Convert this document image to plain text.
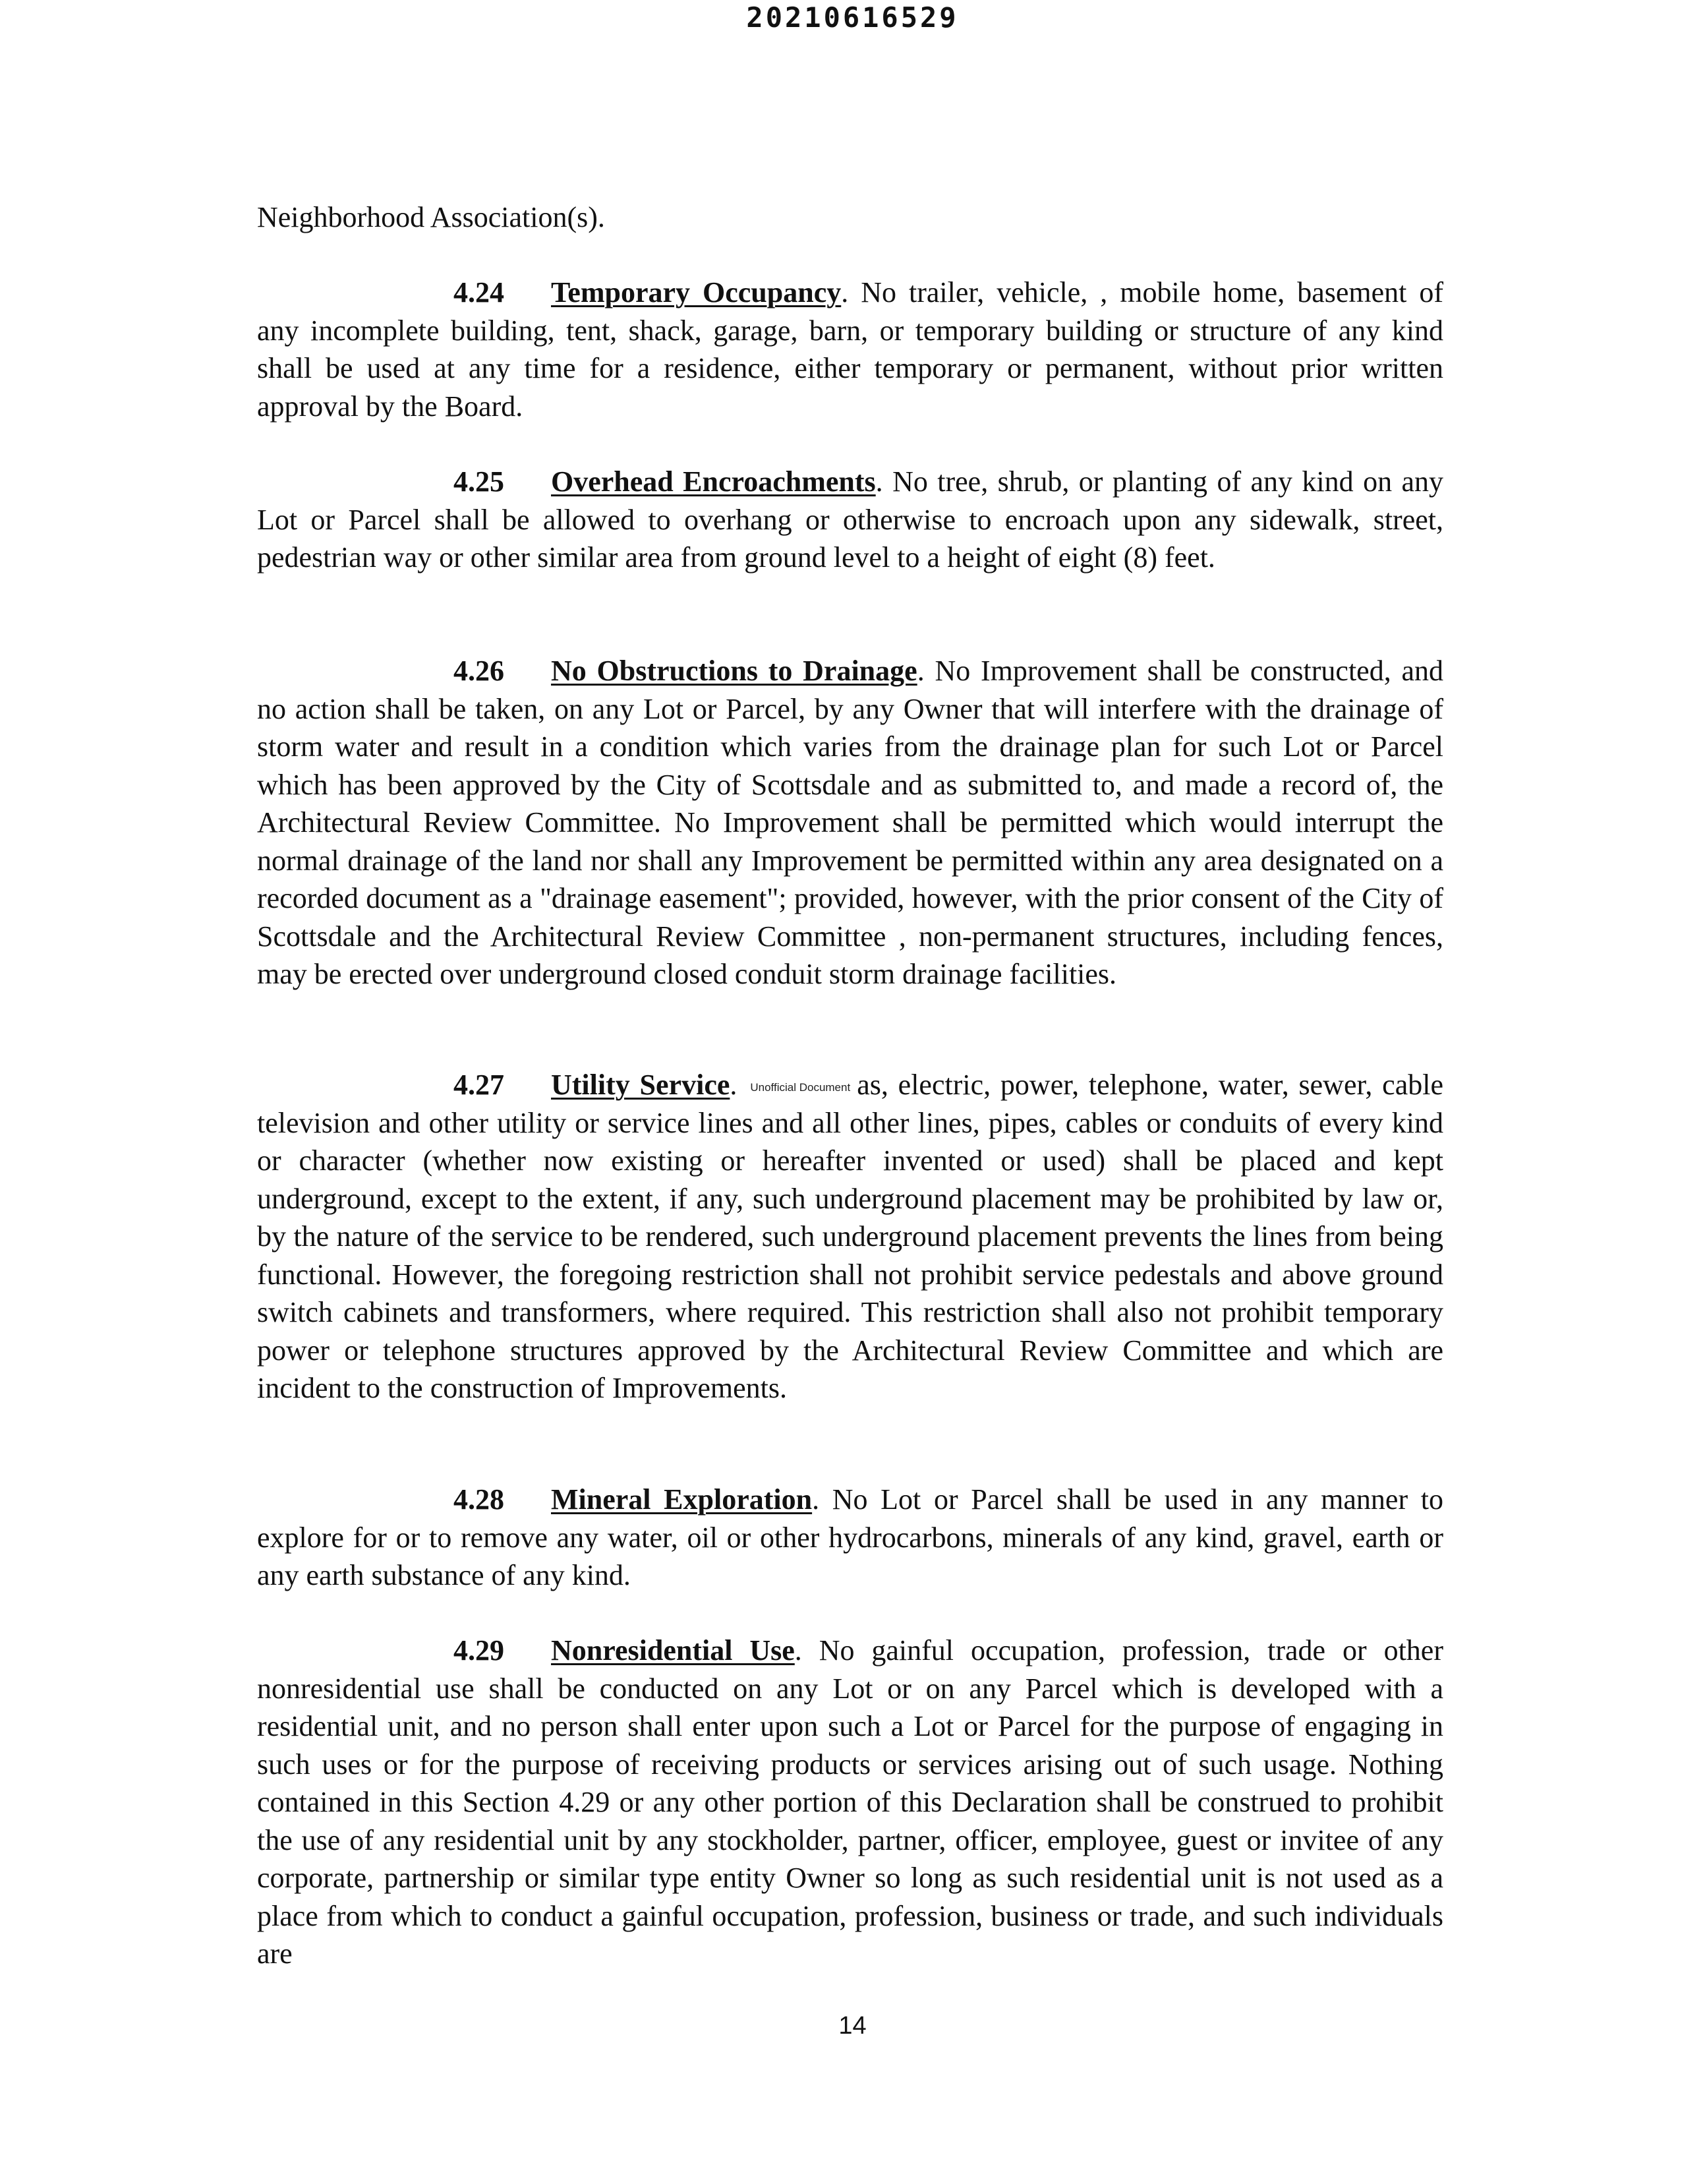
20210616529

Neighborhood Association(s).

4.24 Temporary Occupancy. No trailer, vehicle, , mobile home, basement of any incomplete building, tent, shack, garage, barn, or temporary building or structure of any kind shall be used at any time for a residence, either temporary or permanent, without prior written approval by the Board.

4.25 Overhead Encroachments. No tree, shrub, or planting of any kind on any Lot or Parcel shall be allowed to overhang or otherwise to encroach upon any sidewalk, street, pedestrian way or other similar area from ground level to a height of eight (8) feet.

4.26 No Obstructions to Drainage. No Improvement shall be constructed, and no action shall be taken, on any Lot or Parcel, by any Owner that will interfere with the drainage of storm water and result in a condition which varies from the drainage plan for such Lot or Parcel which has been approved by the City of Scottsdale and as submitted to, and made a record of, the Architectural Review Committee. No Improvement shall be permitted which would interrupt the normal drainage of the land nor shall any Improvement be permitted within any area designated on a recorded document as a "drainage easement"; provided, however, with the prior consent of the City of Scottsdale and the Architectural Review Committee , non-permanent structures, including fences, may be erected over underground closed conduit storm drainage facilities.

4.27 Utility Service. Unofficial Document as, electric, power, telephone, water, sewer, cable television and other utility or service lines and all other lines, pipes, cables or conduits of every kind or character (whether now existing or hereafter invented or used) shall be placed and kept underground, except to the extent, if any, such underground placement may be prohibited by law or, by the nature of the service to be rendered, such underground placement prevents the lines from being functional. However, the foregoing restriction shall not prohibit service pedestals and above ground switch cabinets and transformers, where required. This restriction shall also not prohibit temporary power or telephone structures approved by the Architectural Review Committee and which are incident to the construction of Improvements.

4.28 Mineral Exploration. No Lot or Parcel shall be used in any manner to explore for or to remove any water, oil or other hydrocarbons, minerals of any kind, gravel, earth or any earth substance of any kind.

4.29 Nonresidential Use. No gainful occupation, profession, trade or other nonresidential use shall be conducted on any Lot or on any Parcel which is developed with a residential unit, and no person shall enter upon such a Lot or Parcel for the purpose of engaging in such uses or for the purpose of receiving products or services arising out of such usage. Nothing contained in this Section 4.29 or any other portion of this Declaration shall be construed to prohibit the use of any residential unit by any stockholder, partner, officer, employee, guest or invitee of any corporate, partnership or similar type entity Owner so long as such residential unit is not used as a place from which to conduct a gainful occupation, profession, business or trade, and such individuals are

14
